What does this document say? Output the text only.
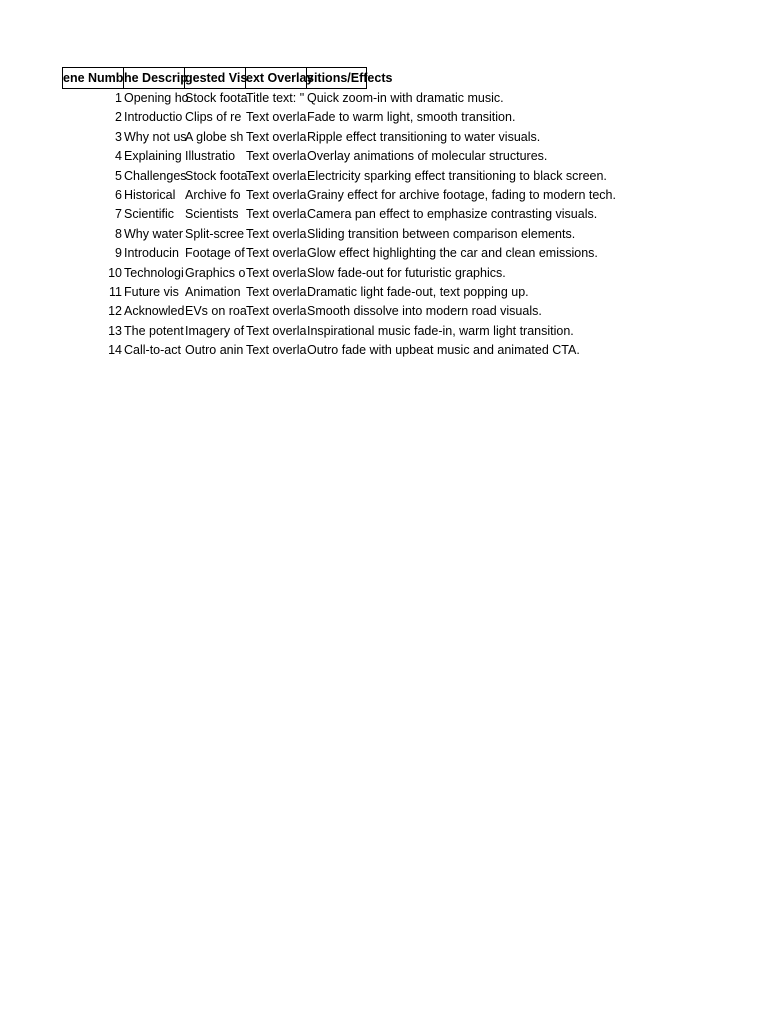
ene Numb he Descrip
gested Vis
ext Overlay
sitions/Effects
1 Opening ho
Stock foota
Title text: " Quick zoom-in with dramatic music.
2 Introductio Clips of re Text overla Fade to warm light, smooth transition.
3 Why not us
A globe sh Text overla Ripple effect transitioning to water visuals.
4 Explaining Illustratio Text overla Overlay animations of molecular structures.
5 Challenges
Stock foota
Text overla Electricity sparking effect transitioning to black screen.
6 Historical Archive fo Text overla Grainy effect for archive footage, fading to modern tech.
7 Scientific Scientists Text overla Camera pan effect to emphasize contrasting visuals.
8 Why water Split-scree Text overla Sliding transition between comparison elements.
9 Introducin Footage of Text overla Glow effect highlighting the car and clean emissions.
10 Technologi Graphics o Text overla Slow fade-out for futuristic graphics.
11 Future vis Animation Text overla Dramatic light fade-out, text popping up.
12 Acknowled EVs on roa Text overla Smooth dissolve into modern road visuals.
13 The potent Imagery of Text overla Inspirational music fade-in, warm light transition.
14 Call-to-act Outro anin Text overla Outro fade with upbeat music and animated CTA.
